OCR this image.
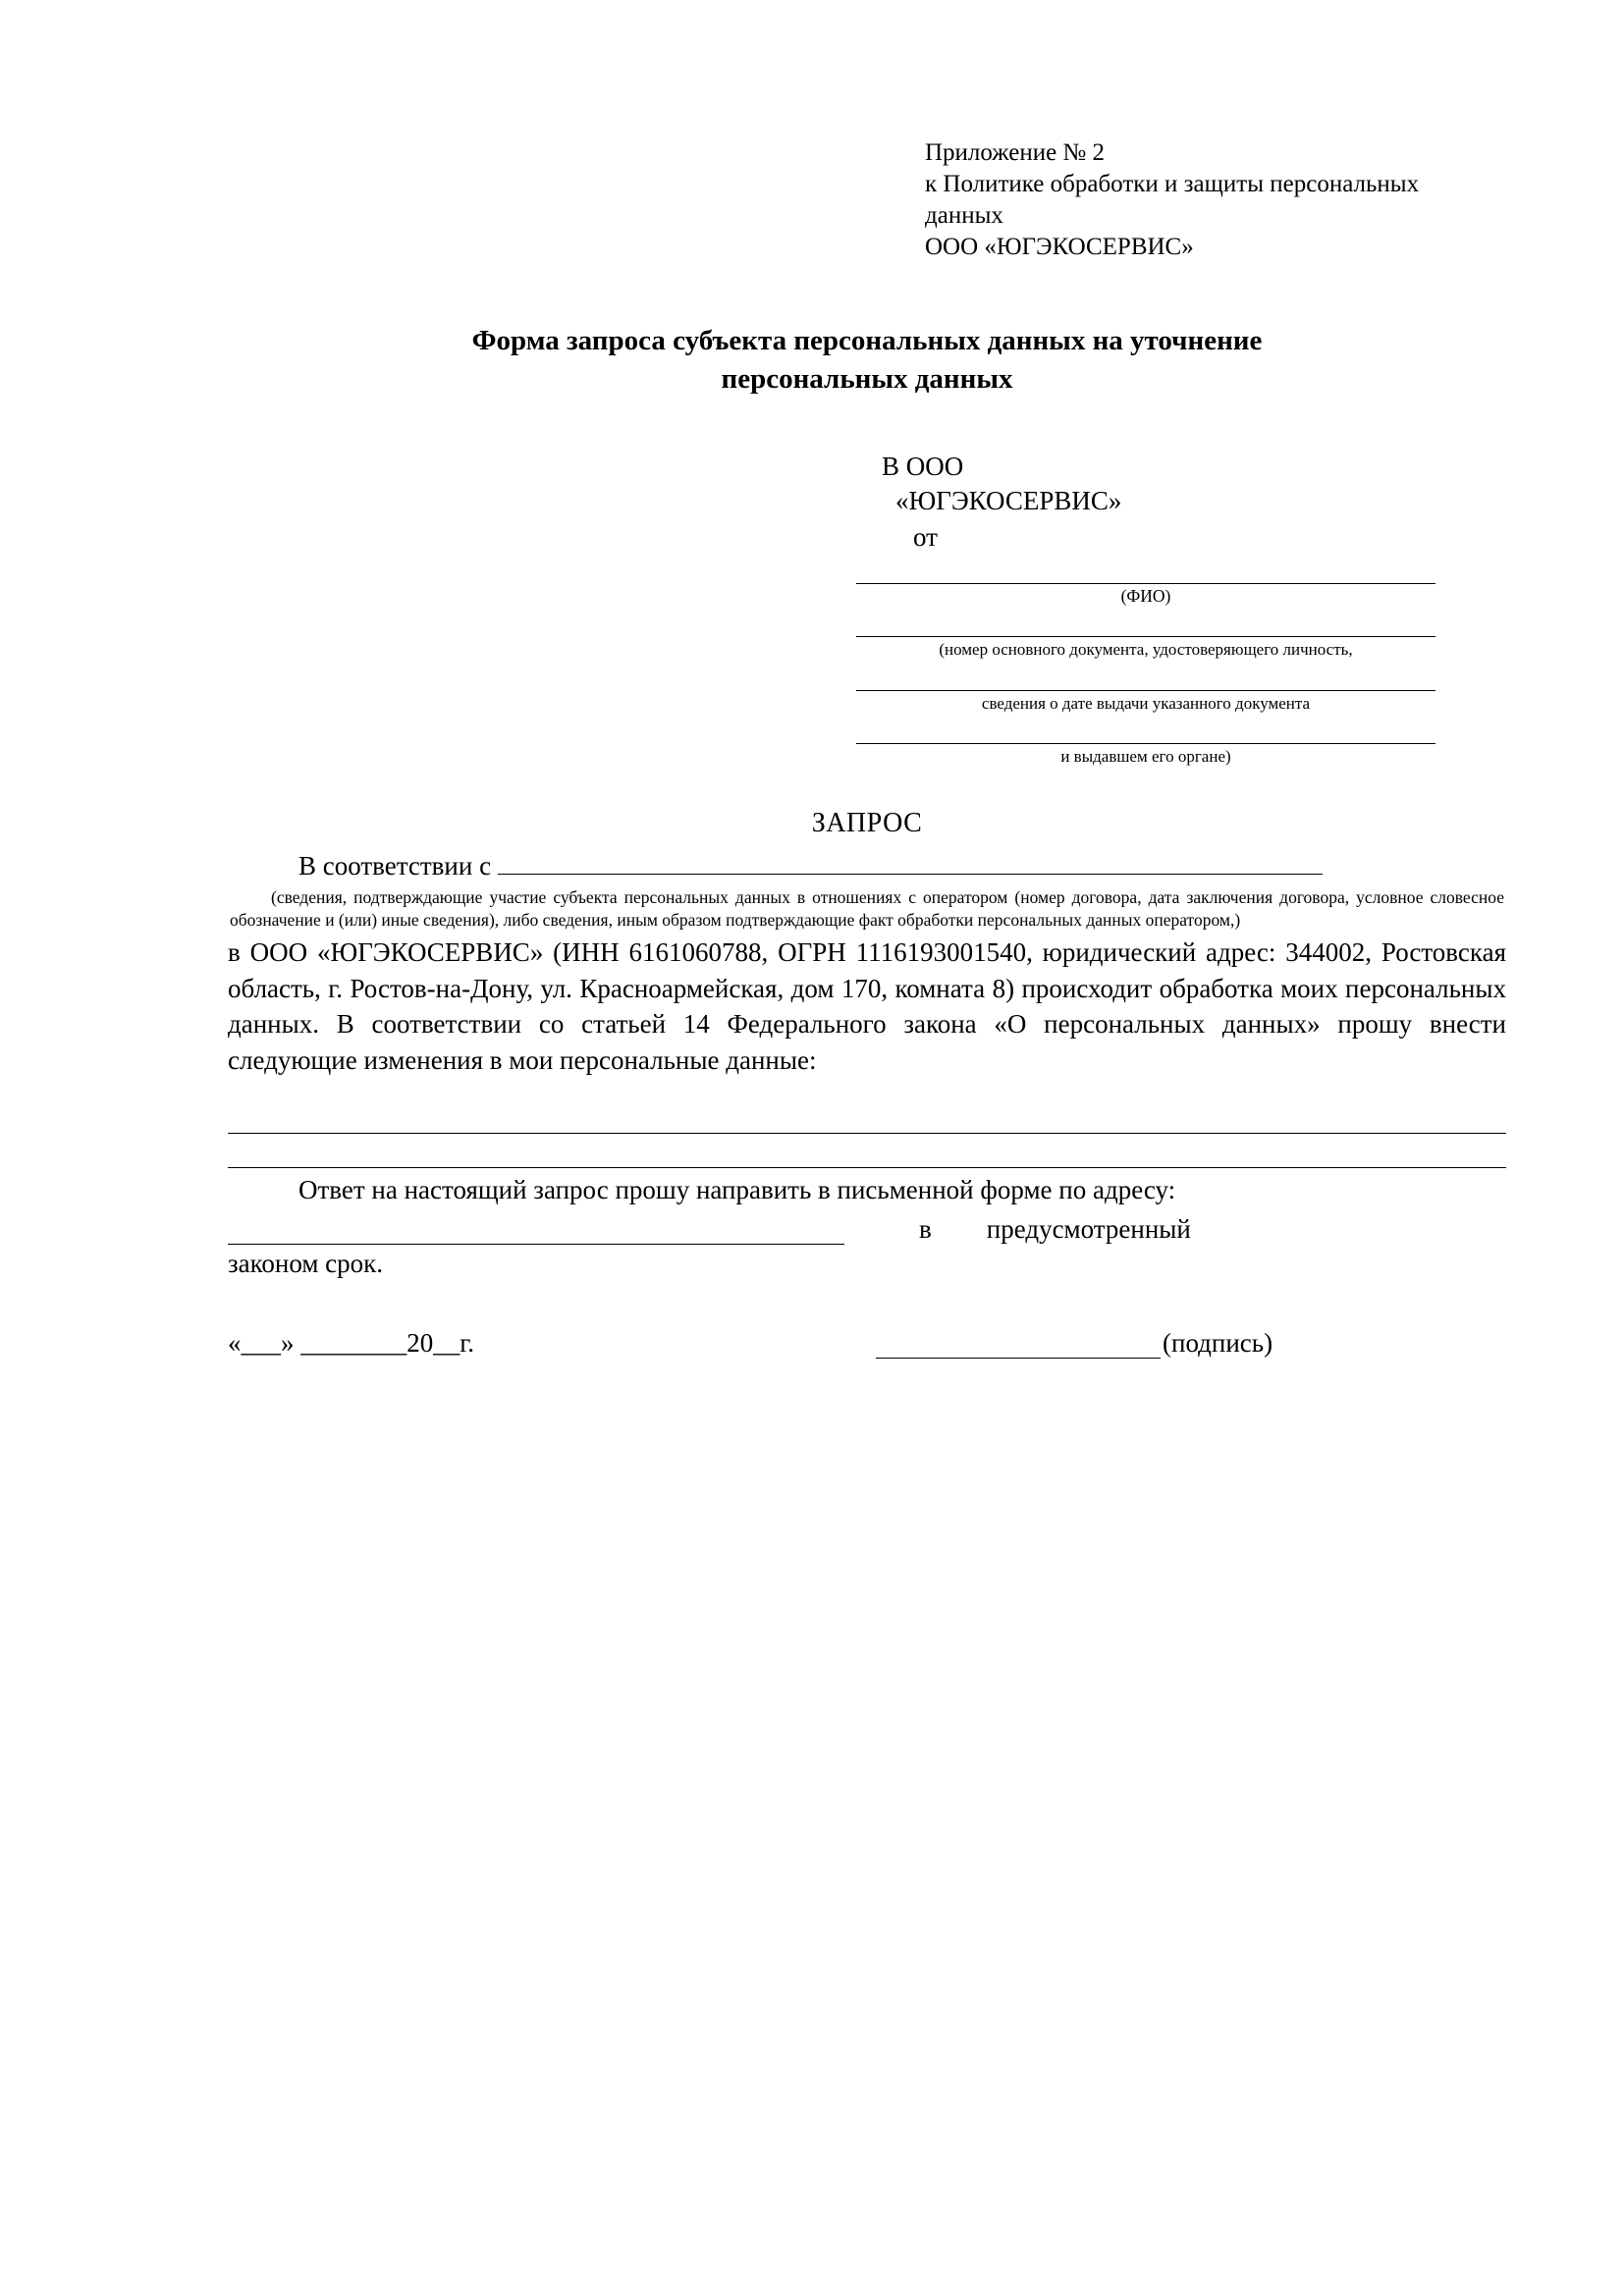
Приложение № 2
к Политике обработки и защиты персональных
данных
ООО «ЮГЭКОСЕРВИС»
Форма запроса субъекта персональных данных на уточнение
персональных данных
В ООО
«ЮГЭКОСЕРВИС»
от
(ФИО)
(номер основного документа, удостоверяющего личность,
сведения о дате выдачи указанного документа
и выдавшем его органе)
ЗАПРОС
В соответствии с
(сведения, подтверждающие участие субъекта персональных данных в отношениях с оператором (номер договора, дата заключения договора, условное словесное обозначение и (или) иные сведения), либо сведения, иным образом подтверждающие факт обработки персональных данных оператором,)
в ООО «ЮГЭКОСЕРВИС» (ИНН 6161060788, ОГРН 1116193001540, юридический адрес: 344002, Ростовская область, г. Ростов-на-Дону, ул. Красноармейская, дом 170, комната 8) происходит обработка моих персональных данных. В соответствии со статьей 14 Федерального закона «О персональных данных» прошу внести следующие изменения в мои персональные данные:
Ответ на настоящий запрос прошу направить в письменной форме по адресу:
в предусмотренный
законом срок.
«___» ________20__г.	(подпись)
